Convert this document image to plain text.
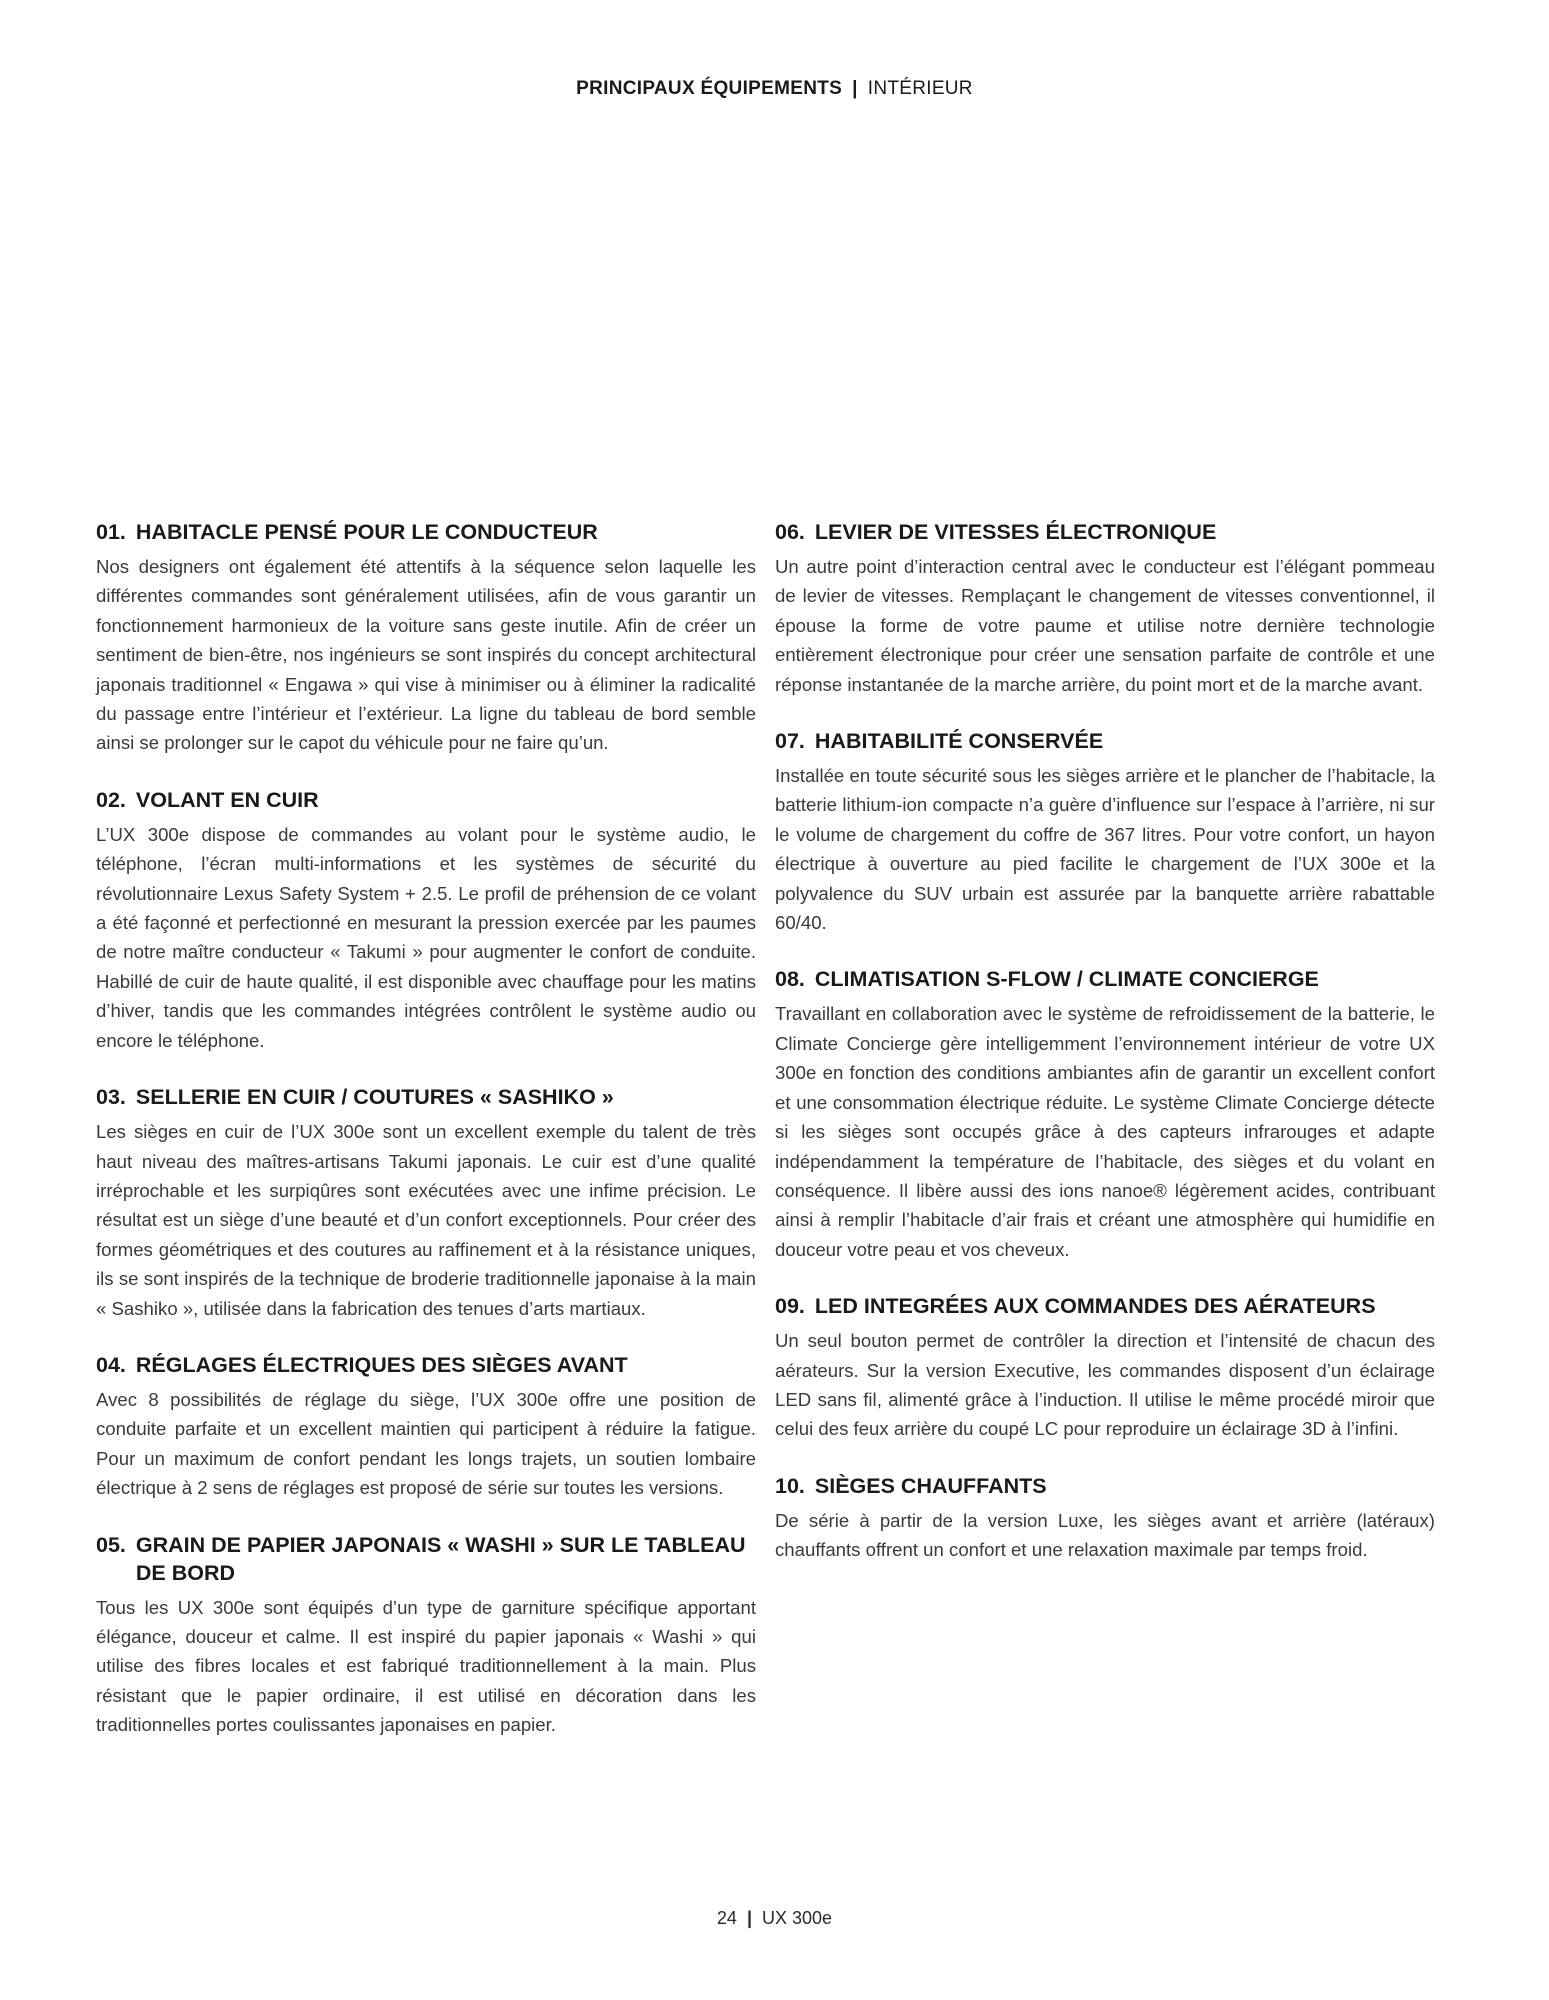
PRINCIPAUX ÉQUIPEMENTS | INTÉRIEUR
01. HABITACLE PENSÉ POUR LE CONDUCTEUR

Nos designers ont également été attentifs à la séquence selon laquelle les différentes commandes sont généralement utilisées, afin de vous garantir un fonctionnement harmonieux de la voiture sans geste inutile. Afin de créer un sentiment de bien-être, nos ingénieurs se sont inspirés du concept architectural japonais traditionnel « Engawa » qui vise à minimiser ou à éliminer la radicalité du passage entre l’intérieur et l’extérieur. La ligne du tableau de bord semble ainsi se prolonger sur le capot du véhicule pour ne faire qu’un.

02. VOLANT EN CUIR

L’UX 300e dispose de commandes au volant pour le système audio, le téléphone, l’écran multi-informations et les systèmes de sécurité du révolutionnaire Lexus Safety System + 2.5. Le profil de préhension de ce volant a été façonné et perfectionné en mesurant la pression exercée par les paumes de notre maître conducteur « Takumi » pour augmenter le confort de conduite. Habillé de cuir de haute qualité, il est disponible avec chauffage pour les matins d’hiver, tandis que les commandes intégrées contrôlent le système audio ou encore le téléphone.

03. SELLERIE EN CUIR / COUTURES « SASHIKO »

Les sièges en cuir de l’UX 300e sont un excellent exemple du talent de très haut niveau des maîtres-artisans Takumi japonais. Le cuir est d’une qualité irréprochable et les surpiqûres sont exécutées avec une infime précision. Le résultat est un siège d’une beauté et d’un confort exceptionnels. Pour créer des formes géométriques et des coutures au raffinement et à la résistance uniques, ils se sont inspirés de la technique de broderie traditionnelle japonaise à la main « Sashiko », utilisée dans la fabrication des tenues d’arts martiaux.

04. RÉGLAGES ÉLECTRIQUES DES SIÈGES AVANT

Avec 8 possibilités de réglage du siège, l’UX 300e offre une position de conduite parfaite et un excellent maintien qui participent à réduire la fatigue. Pour un maximum de confort pendant les longs trajets, un soutien lombaire électrique à 2 sens de réglages est proposé de série sur toutes les versions.

05. GRAIN DE PAPIER JAPONAIS « WASHI » SUR LE TABLEAU DE BORD

Tous les UX 300e sont équipés d’un type de garniture spécifique apportant élégance, douceur et calme. Il est inspiré du papier japonais « Washi » qui utilise des fibres locales et est fabriqué traditionnellement à la main. Plus résistant que le papier ordinaire, il est utilisé en décoration dans les traditionnelles portes coulissantes japonaises en papier.

06. LEVIER DE VITESSES ÉLECTRONIQUE

Un autre point d’interaction central avec le conducteur est l’élégant pommeau de levier de vitesses. Remplaçant le changement de vitesses conventionnel, il épouse la forme de votre paume et utilise notre dernière technologie entièrement électronique pour créer une sensation parfaite de contrôle et une réponse instantanée de la marche arrière, du point mort et de la marche avant.

07. HABITABILITÉ CONSERVÉE

Installée en toute sécurité sous les sièges arrière et le plancher de l’habitacle, la batterie lithium-ion compacte n’a guère d’influence sur l’espace à l’arrière, ni sur le volume de chargement du coffre de 367 litres. Pour votre confort, un hayon électrique à ouverture au pied facilite le chargement de l’UX 300e et la polyvalence du SUV urbain est assurée par la banquette arrière rabattable 60/40.

08. CLIMATISATION S-FLOW / CLIMATE CONCIERGE

Travaillant en collaboration avec le système de refroidissement de la batterie, le Climate Concierge gère intelligemment l’environnement intérieur de votre UX 300e en fonction des conditions ambiantes afin de garantir un excellent confort et une consommation électrique réduite. Le système Climate Concierge détecte si les sièges sont occupés grâce à des capteurs infrarouges et adapte indépendamment la température de l’habitacle, des sièges et du volant en conséquence. Il libère aussi des ions nanoe® légèrement acides, contribuant ainsi à remplir l’habitacle d’air frais et créant une atmosphère qui humidifie en douceur votre peau et vos cheveux.

09. LED INTEGRÉES AUX COMMANDES DES AÉRATEURS

Un seul bouton permet de contrôler la direction et l’intensité de chacun des aérateurs. Sur la version Executive, les commandes disposent d’un éclairage LED sans fil, alimenté grâce à l’induction. Il utilise le même procédé miroir que celui des feux arrière du coupé LC pour reproduire un éclairage 3D à l’infini.

10. SIÈGES CHAUFFANTS

De série à partir de la version Luxe, les sièges avant et arrière (latéraux) chauffants offrent un confort et une relaxation maximale par temps froid.

24 | UX 300e
